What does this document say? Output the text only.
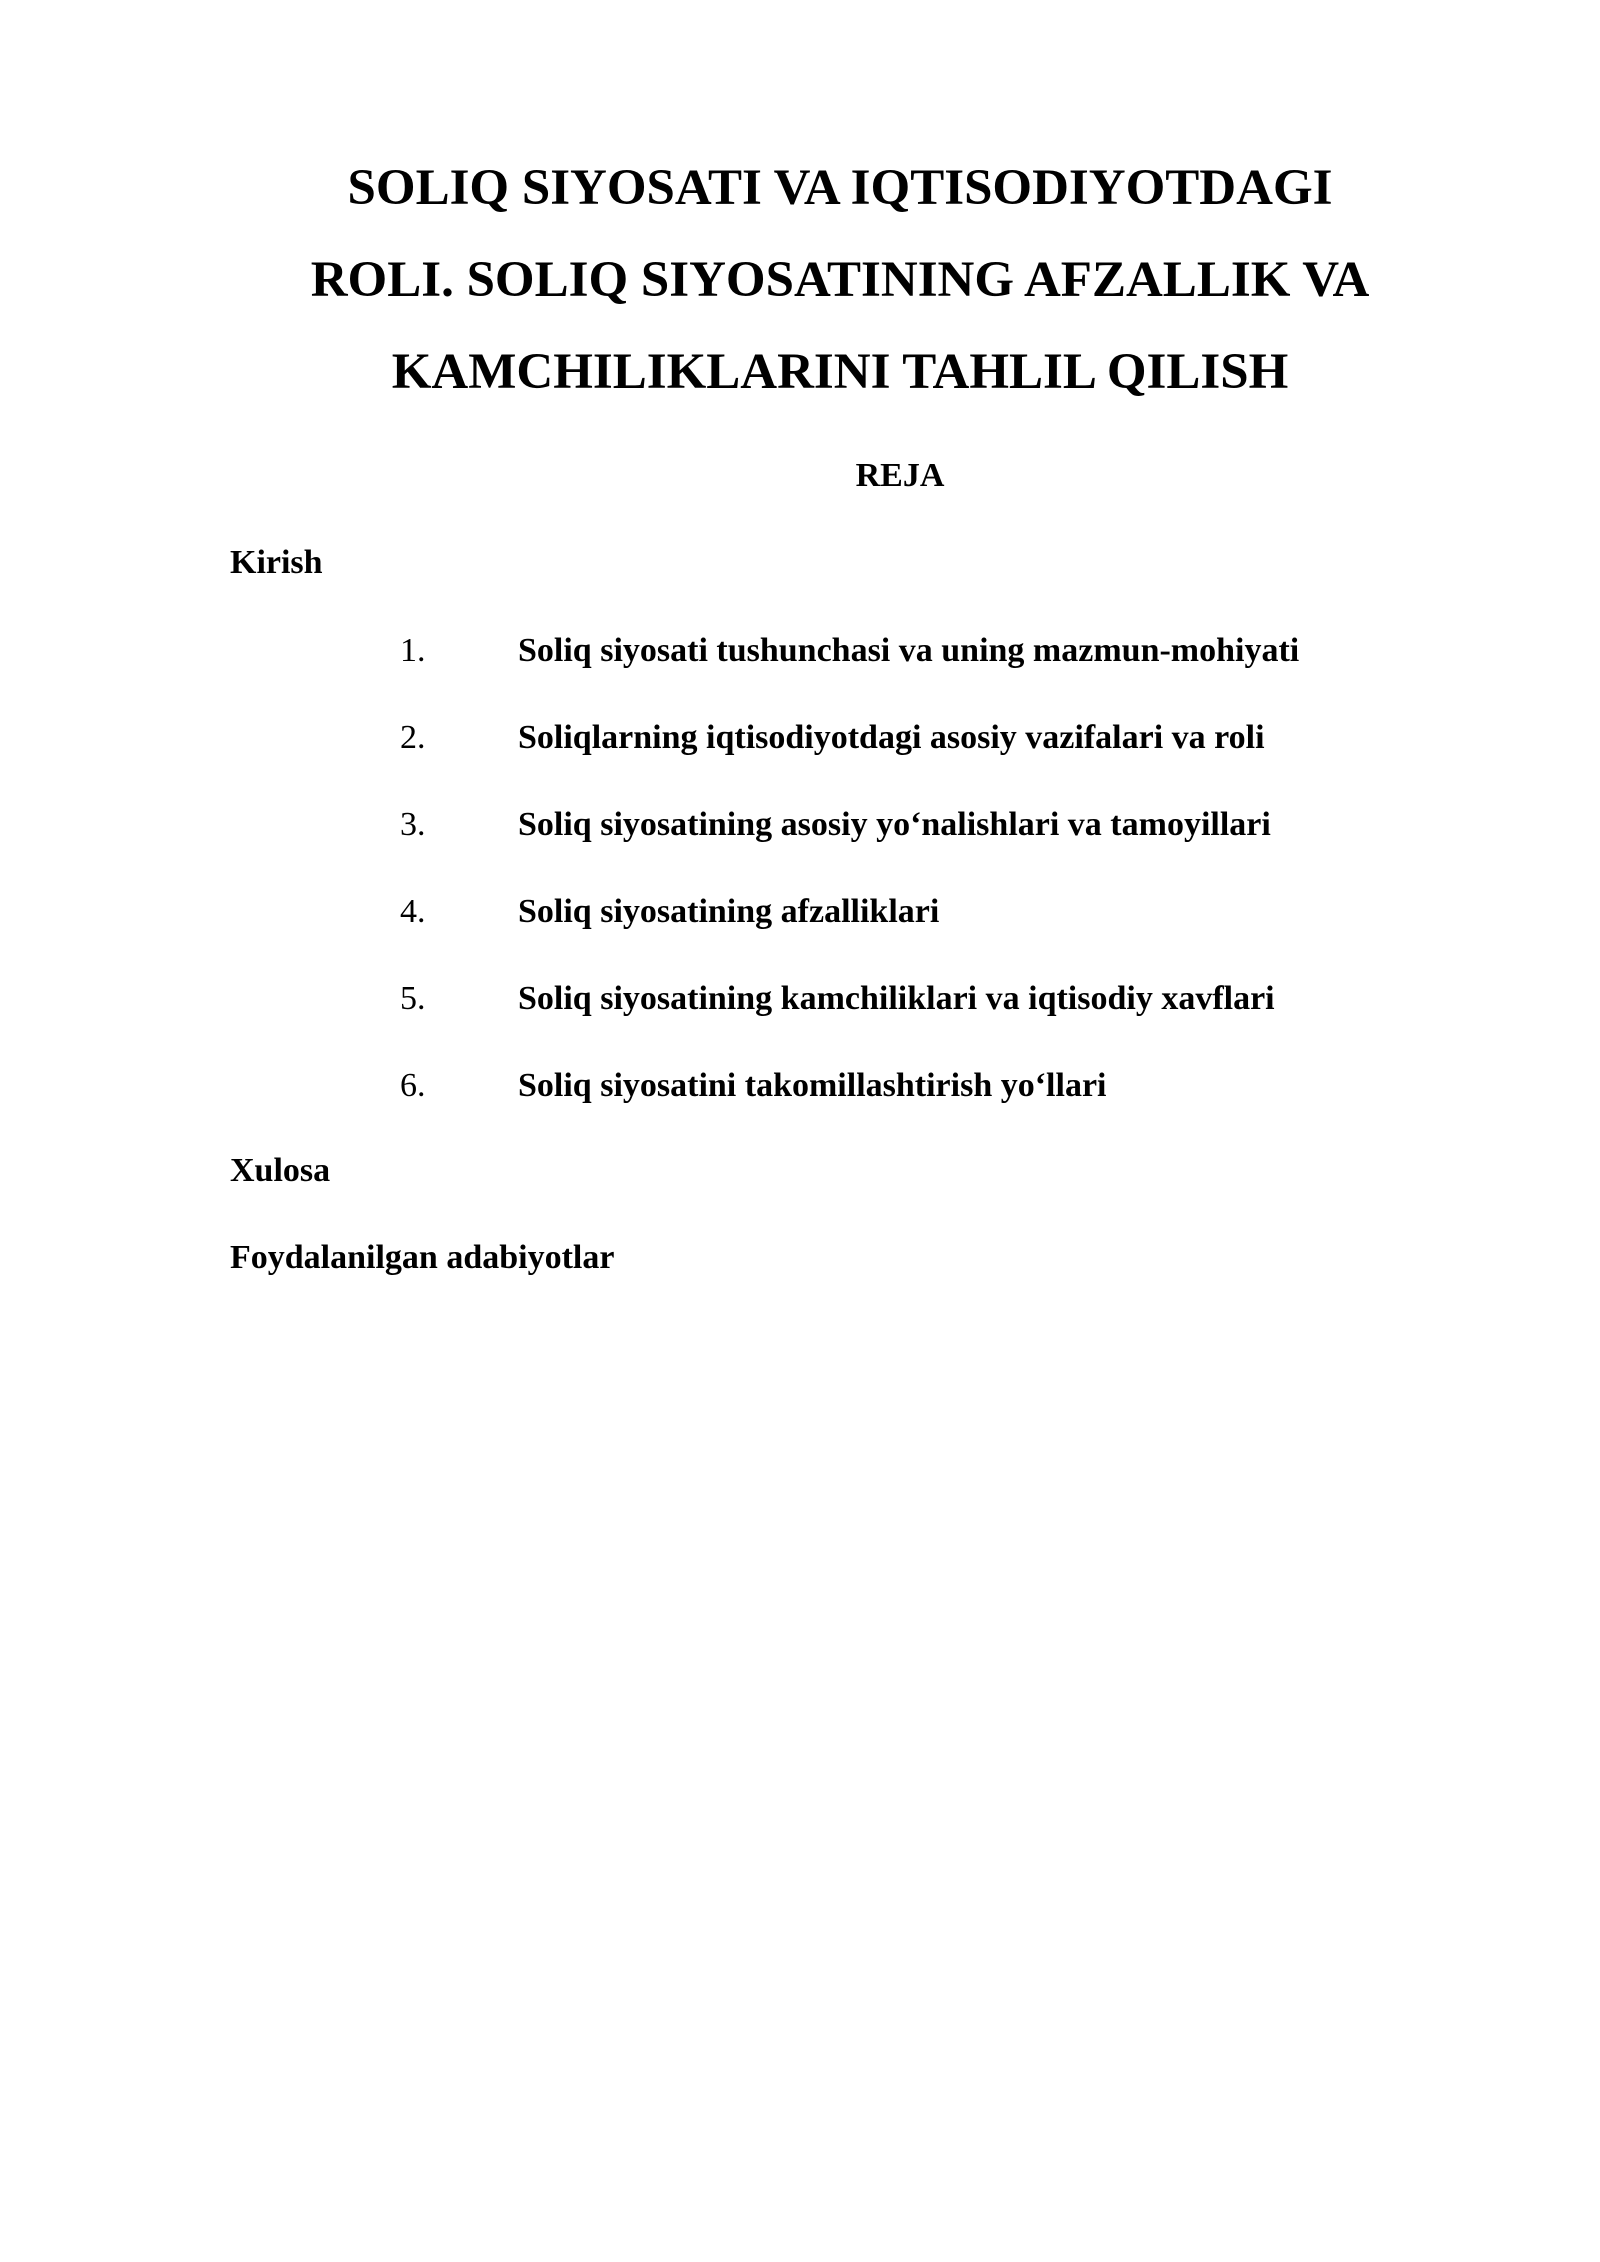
SOLIQ SIYOSATI VA IQTISODIYOTDAGI
ROLI. SOLIQ SIYOSATINING AFZALLIK VA
KAMCHILIKLARINI TAHLIL QILISH
REJA
Kirish
1.	Soliq siyosati tushunchasi va uning mazmun-mohiyati
2.	Soliqlarning iqtisodiyotdagi asosiy vazifalari va roli
3.	Soliq siyosatining asosiy yo‘nalishlari va tamoyillari
4.	Soliq siyosatining afzalliklari
5.	Soliq siyosatining kamchiliklari va iqtisodiy xavflari
6.	Soliq siyosatini takomillashtirish yo‘llari
Xulosa
Foydalanilgan adabiyotlar
